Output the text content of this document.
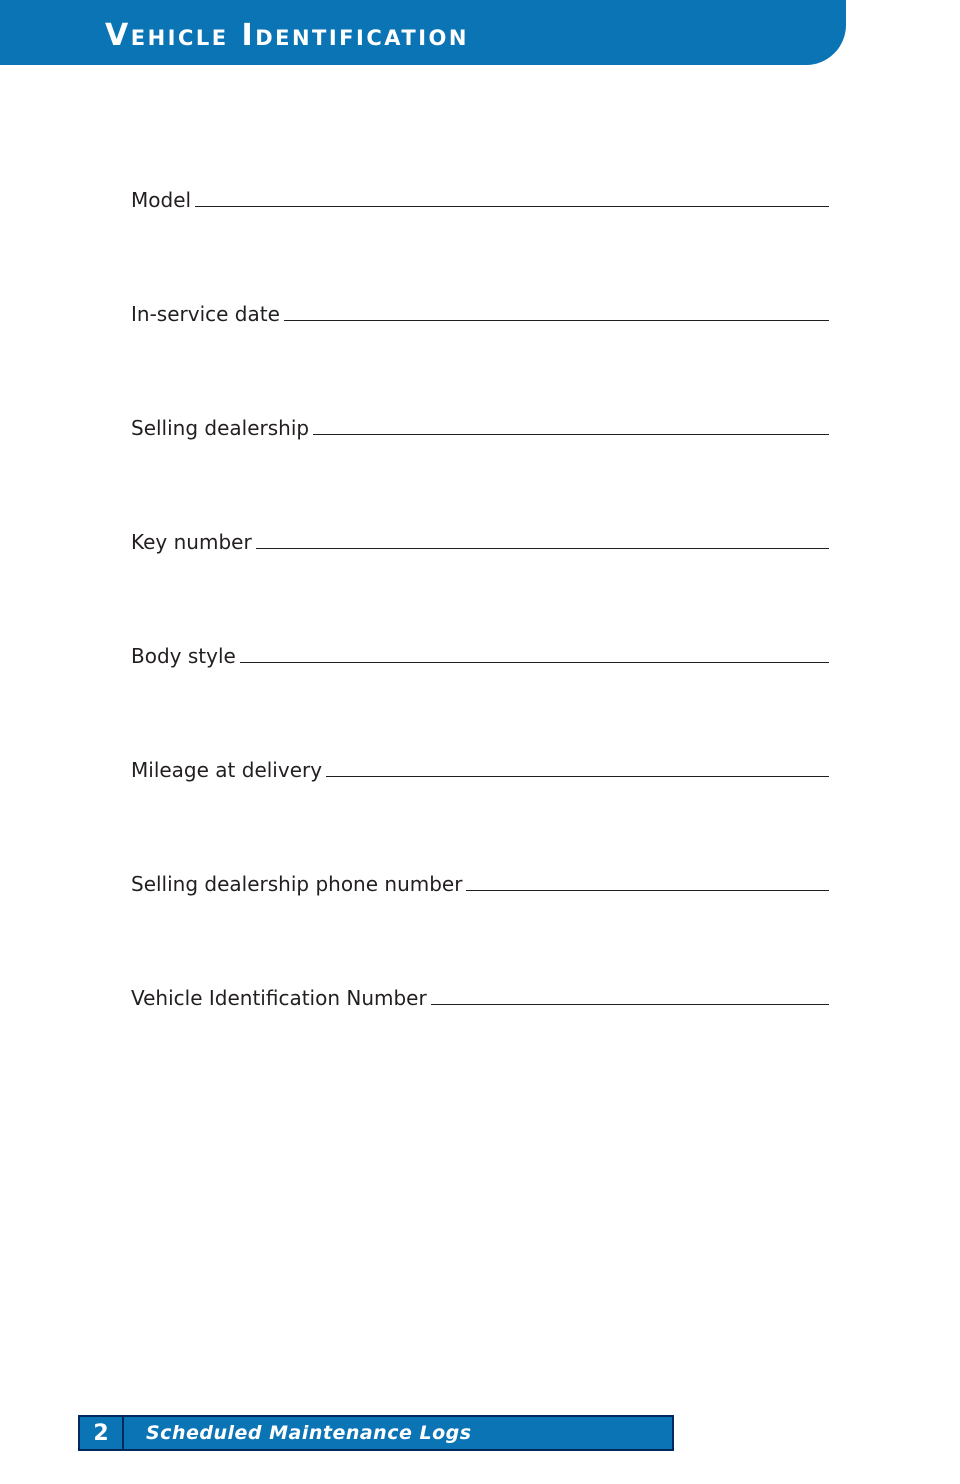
Vehicle Identification
Model
In-service date
Selling dealership
Key number
Body style
Mileage at delivery
Selling dealership phone number
Vehicle Identification Number
2	Scheduled Maintenance Logs
